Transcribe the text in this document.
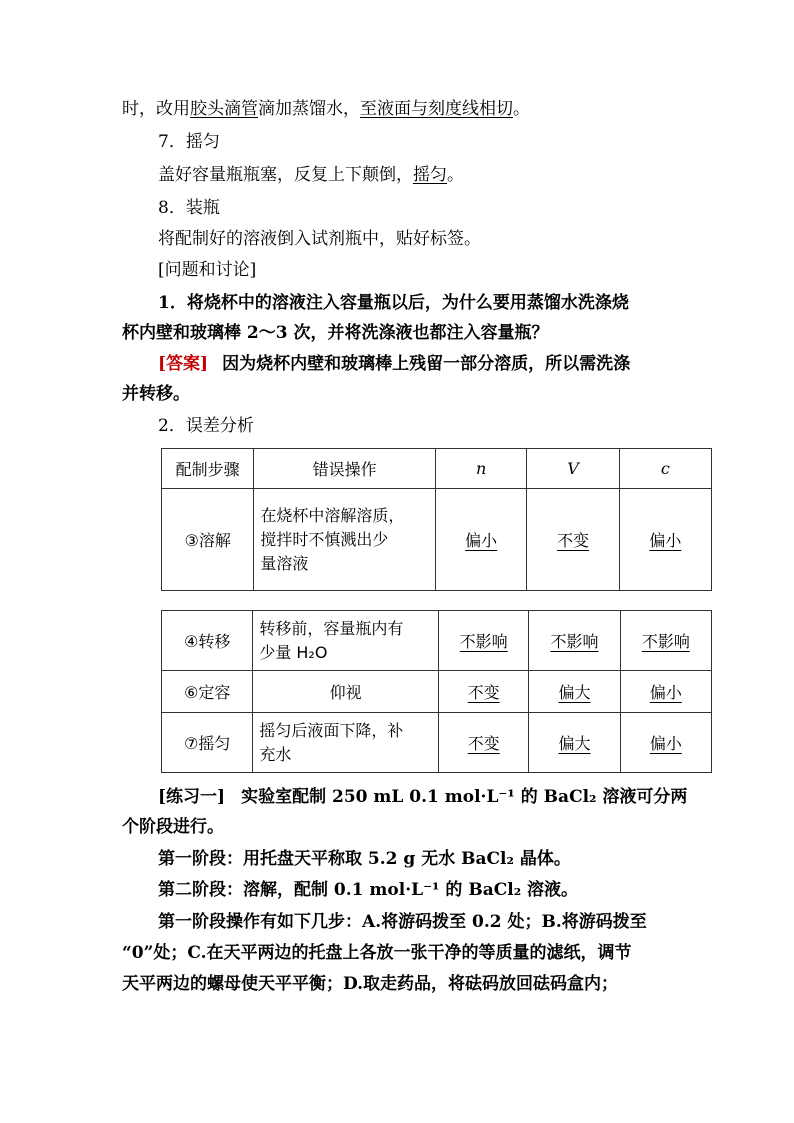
时，改用胶头滴管滴加蒸馏水，至液面与刻度线相切。
7．摇匀
盖好容量瓶瓶塞，反复上下颠倒，摇匀。
8．装瓶
将配制好的溶液倒入试剂瓶中，贴好标签。
[问题和讨论]
1．将烧杯中的溶液注入容量瓶以后，为什么要用蒸馏水洗涤烧
杯内壁和玻璃棒 2～3 次，并将洗涤液也都注入容量瓶？
[答案] 因为烧杯内壁和玻璃棒上残留一部分溶质，所以需洗涤
并转移。
2．误差分析
配制步骤	错误操作	n	V	c
③溶解	在烧杯中溶解溶质，
搅拌时不慎溅出少
量溶液	偏小	不变	偏小
④转移	转移前，容量瓶内有
少量 H₂O	不影响	不影响	不影响
⑥定容	仰视	不变	偏大	偏小
⑦摇匀	摇匀后液面下降，补
充水	不变	偏大	偏小
[练习一] 实验室配制 250 mL 0.1 mol·L⁻¹ 的 BaCl₂ 溶液可分两
个阶段进行。
第一阶段：用托盘天平称取 5.2 g 无水 BaCl₂ 晶体。
第二阶段：溶解，配制 0.1 mol·L⁻¹ 的 BaCl₂ 溶液。
第一阶段操作有如下几步：A.将游码拨至 0.2 处；B.将游码拨至
“0”处；C.在天平两边的托盘上各放一张干净的等质量的滤纸，调节
天平两边的螺母使天平平衡；D.取走药品，将砝码放回砝码盒内；
